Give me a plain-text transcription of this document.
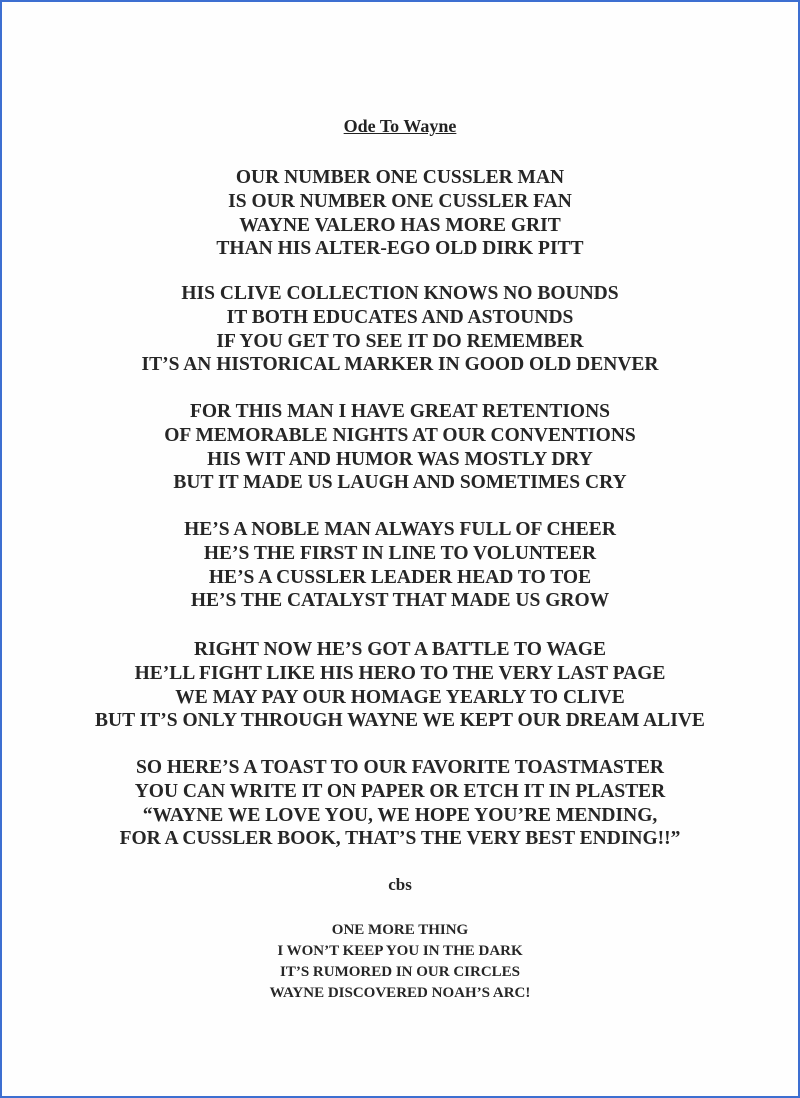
Ode To Wayne
OUR NUMBER ONE CUSSLER MAN
IS OUR NUMBER ONE CUSSLER FAN
WAYNE VALERO HAS MORE GRIT
THAN HIS ALTER-EGO OLD DIRK PITT
HIS CLIVE COLLECTION KNOWS NO BOUNDS
IT BOTH EDUCATES AND ASTOUNDS
IF YOU GET TO SEE IT DO REMEMBER
IT’S AN HISTORICAL MARKER IN GOOD OLD DENVER
FOR THIS MAN I HAVE GREAT RETENTIONS
OF MEMORABLE NIGHTS AT OUR CONVENTIONS
HIS WIT AND HUMOR WAS MOSTLY DRY
BUT IT MADE US LAUGH AND SOMETIMES CRY
HE’S A NOBLE MAN ALWAYS FULL OF CHEER
HE’S THE FIRST IN LINE TO VOLUNTEER
HE’S A CUSSLER LEADER HEAD TO TOE
HE’S THE CATALYST THAT MADE US GROW
RIGHT NOW HE’S GOT A BATTLE TO WAGE
HE’LL FIGHT LIKE HIS HERO TO THE VERY LAST PAGE
WE MAY PAY OUR HOMAGE YEARLY TO CLIVE
BUT IT’S ONLY THROUGH WAYNE WE KEPT OUR DREAM ALIVE
SO HERE’S A TOAST TO OUR FAVORITE TOASTMASTER
YOU CAN WRITE IT ON PAPER OR ETCH IT IN PLASTER
“WAYNE WE LOVE YOU, WE HOPE YOU’RE MENDING,
FOR A CUSSLER BOOK, THAT’S THE VERY BEST ENDING!!”

cbs

ONE MORE THING
I WON’T KEEP YOU IN THE DARK
IT’S RUMORED IN OUR CIRCLES
WAYNE DISCOVERED NOAH’S ARC!
